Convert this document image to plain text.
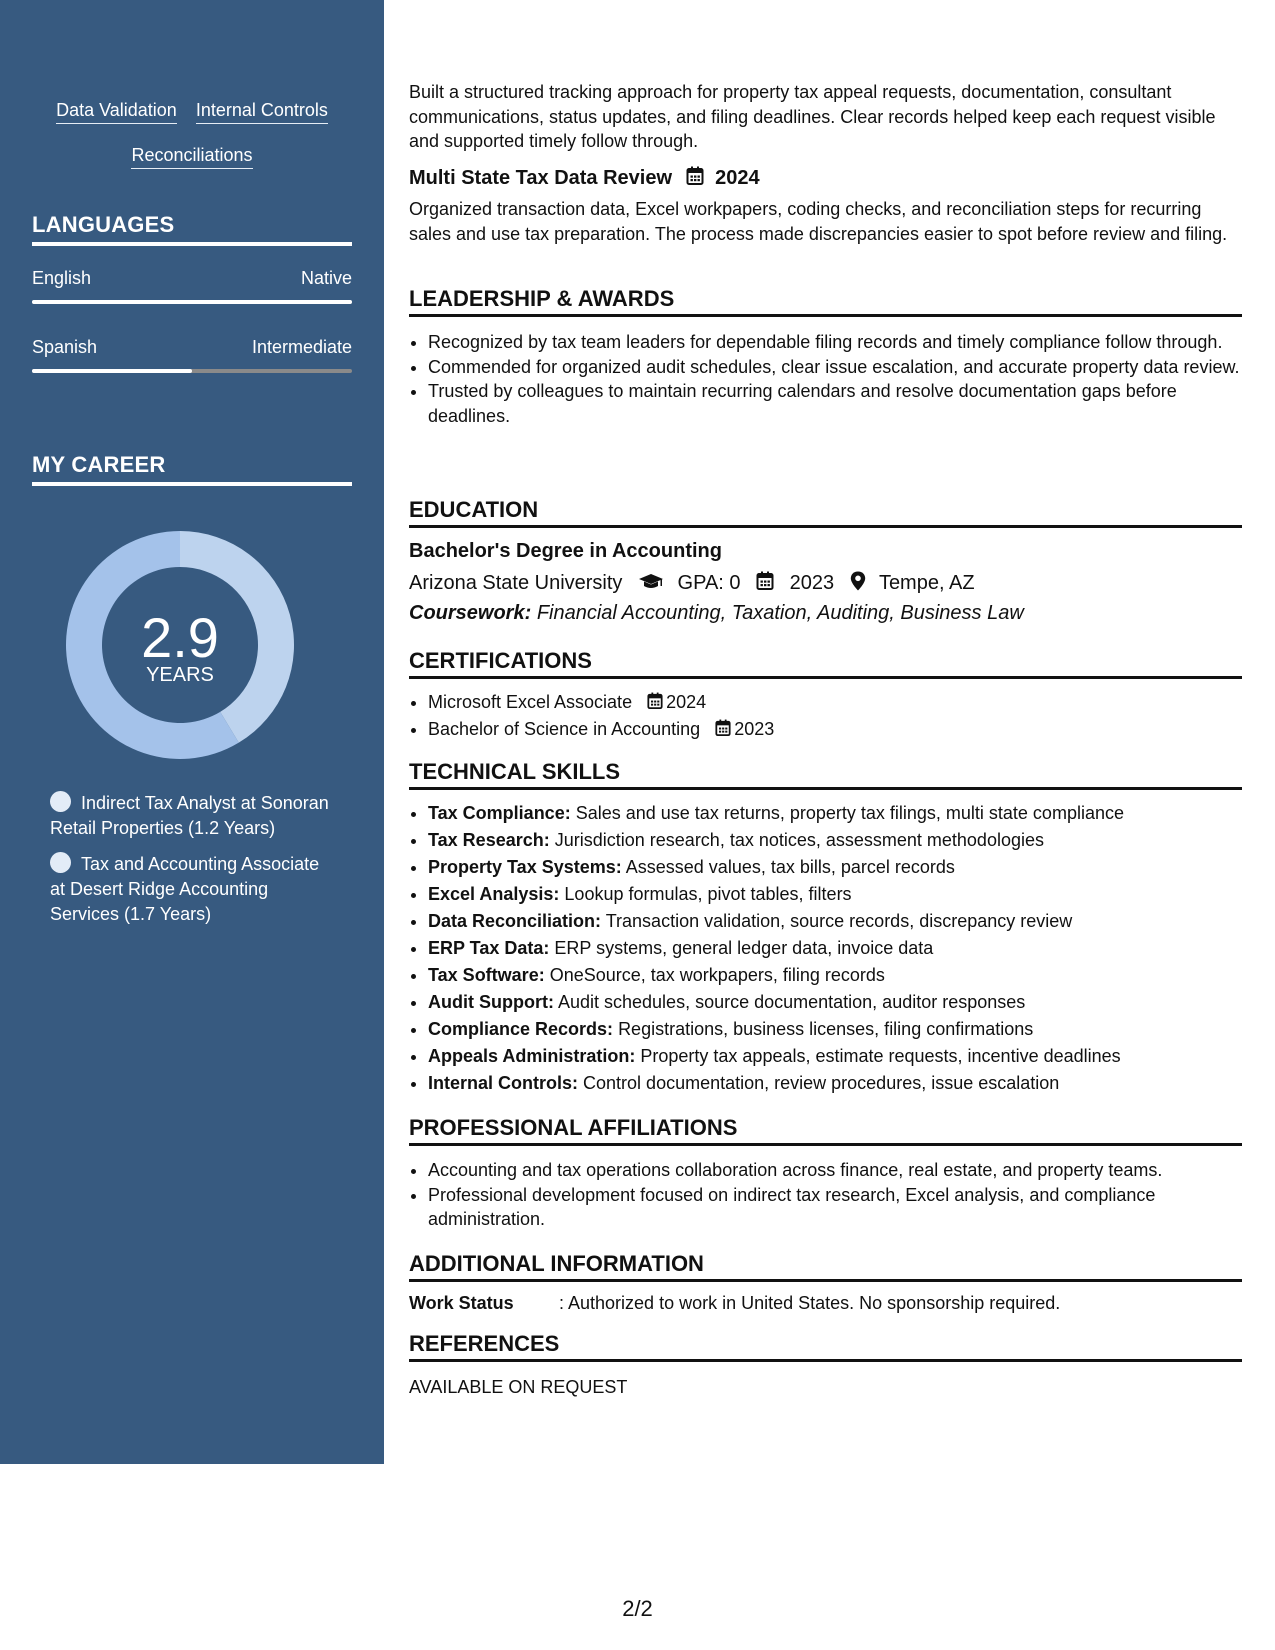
Data Validation Internal Controls
Reconciliations
LANGUAGES
English	Native
Spanish	Intermediate
MY CAREER
2.9
YEARS
Indirect Tax Analyst at Sonoran Retail Properties (1.2 Years)
Tax and Accounting Associate at Desert Ridge Accounting Services (1.7 Years)

Built a structured tracking approach for property tax appeal requests, documentation, consultant communications, status updates, and filing deadlines. Clear records helped keep each request visible and supported timely follow through.

Multi State Tax Data Review 2024

Organized transaction data, Excel workpapers, coding checks, and reconciliation steps for recurring sales and use tax preparation. The process made discrepancies easier to spot before review and filing.

LEADERSHIP & AWARDS
• Recognized by tax team leaders for dependable filing records and timely compliance follow through.
• Commended for organized audit schedules, clear issue escalation, and accurate property data review.
• Trusted by colleagues to maintain recurring calendars and resolve documentation gaps before deadlines.
EDUCATION
Bachelor's Degree in Accounting
Arizona State University	GPA: 0 2023 Tempe, AZ
Coursework: Financial Accounting, Taxation, Auditing, Business Law
CERTIFICATIONS
• Microsoft Excel Associate 2024
• Bachelor of Science in Accounting 2023
TECHNICAL SKILLS
• Tax Compliance: Sales and use tax returns, property tax filings, multi state compliance
• Tax Research: Jurisdiction research, tax notices, assessment methodologies
• Property Tax Systems: Assessed values, tax bills, parcel records
• Excel Analysis: Lookup formulas, pivot tables, filters
• Data Reconciliation: Transaction validation, source records, discrepancy review
• ERP Tax Data: ERP systems, general ledger data, invoice data
• Tax Software: OneSource, tax workpapers, filing records
• Audit Support: Audit schedules, source documentation, auditor responses
• Compliance Records: Registrations, business licenses, filing confirmations
• Appeals Administration: Property tax appeals, estimate requests, incentive deadlines
• Internal Controls: Control documentation, review procedures, issue escalation
PROFESSIONAL AFFILIATIONS
• Accounting and tax operations collaboration across finance, real estate, and property teams.
• Professional development focused on indirect tax research, Excel analysis, and compliance administration.
ADDITIONAL INFORMATION
Work Status	: Authorized to work in United States. No sponsorship required.
REFERENCES
AVAILABLE ON REQUEST
2/2
